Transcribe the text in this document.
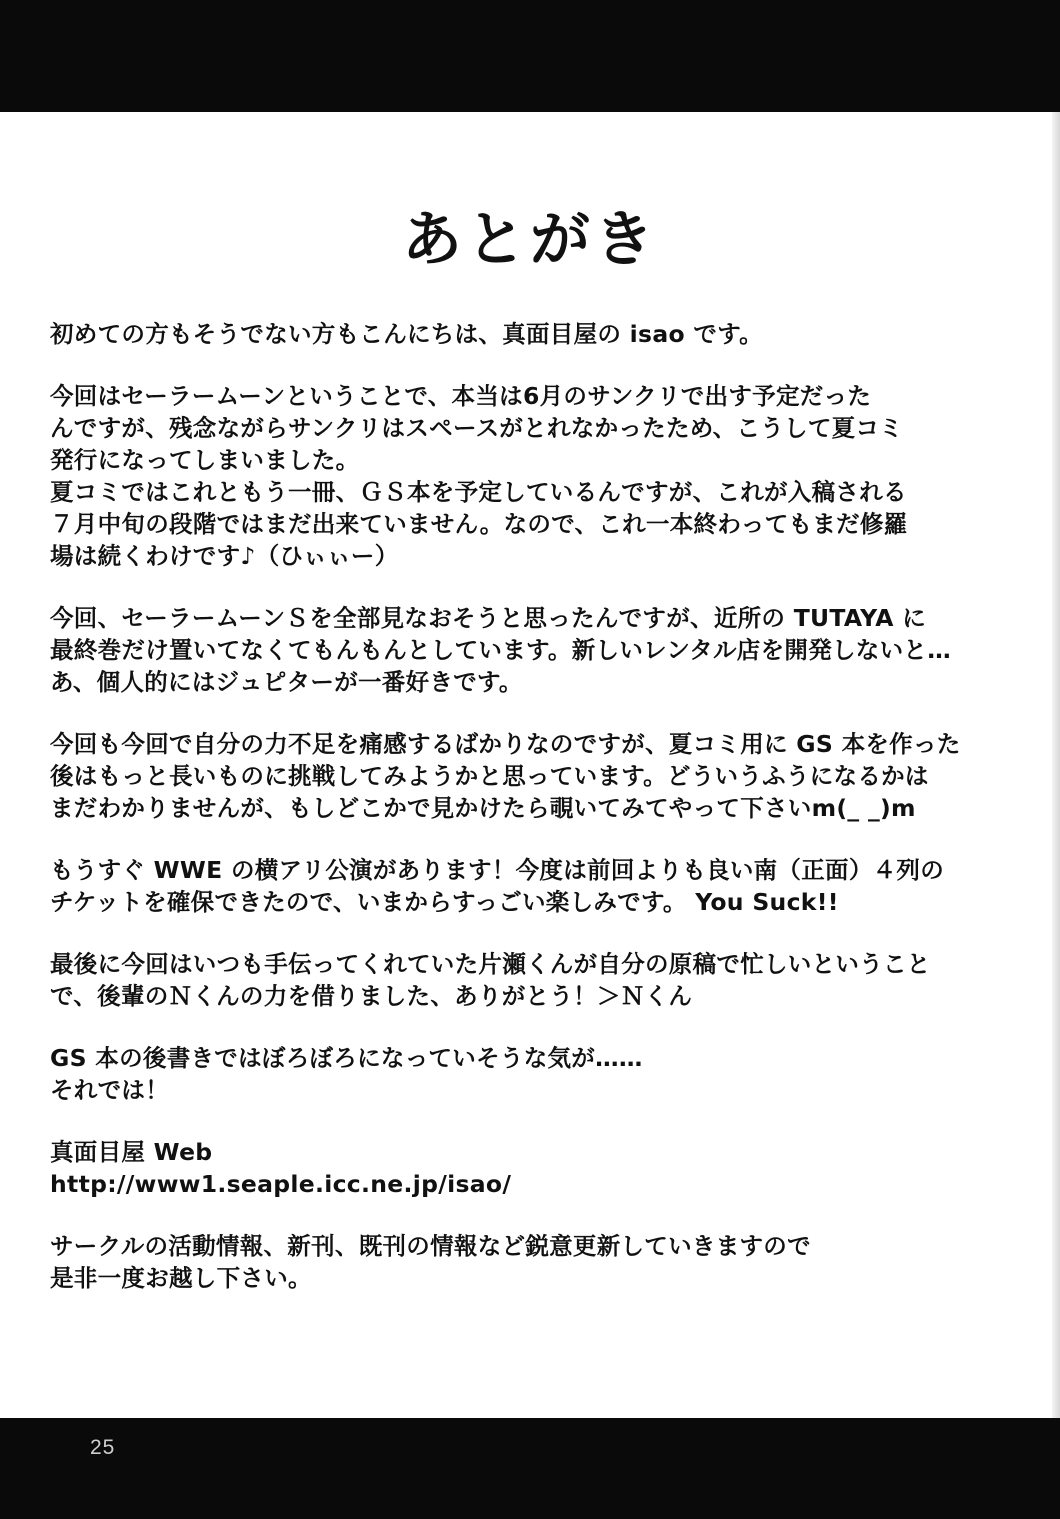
あとがき
初めての方もそうでない方もこんにちは、真面目屋の isao です。
今回はセーラームーンということで、本当は6月のサンクリで出す予定だった
んですが、残念ながらサンクリはスペースがとれなかったため、こうして夏コミ
発行になってしまいました。
夏コミではこれともう一冊、ＧＳ本を予定しているんですが、これが入稿される
７月中旬の段階ではまだ出来ていません。なので、これ一本終わってもまだ修羅
場は続くわけです♪（ひぃぃー）
今回、セーラームーンＳを全部見なおそうと思ったんですが、近所の TUTAYA に
最終巻だけ置いてなくてもんもんとしています。新しいレンタル店を開発しないと…
あ、個人的にはジュピターが一番好きです。
今回も今回で自分の力不足を痛感するばかりなのですが、夏コミ用に GS 本を作った
後はもっと長いものに挑戦してみようかと思っています。どういうふうになるかは
まだわかりませんが、もしどこかで見かけたら覗いてみてやって下さいm(_ _)m
もうすぐ WWE の横アリ公演があります！今度は前回よりも良い南（正面）４列の
チケットを確保できたので、いまからすっごい楽しみです。 You Suck!!
最後に今回はいつも手伝ってくれていた片瀬くんが自分の原稿で忙しいということ
で、後輩のＮくんの力を借りました、ありがとう！＞Ｎくん
GS 本の後書きではぼろぼろになっていそうな気が……
それでは！
真面目屋 Web
http://www1.seaple.icc.ne.jp/isao/
サークルの活動情報、新刊、既刊の情報など鋭意更新していきますので
是非一度お越し下さい。
25
